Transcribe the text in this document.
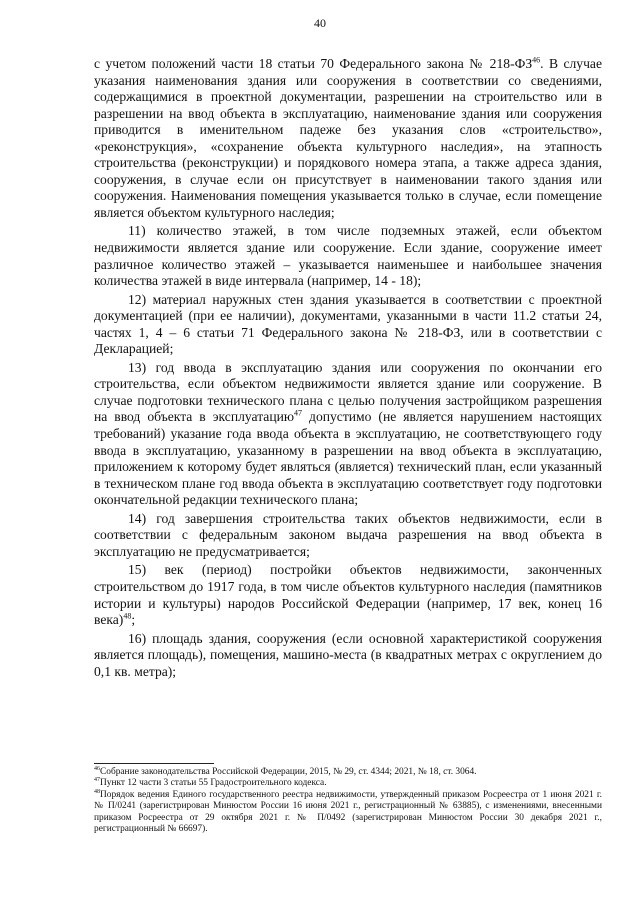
40

с учетом положений части 18 статьи 70 Федерального закона № 218-ФЗ$^{46}$. В случае указания наименования здания или сооружения в соответствии со сведениями, содержащимися в проектной документации, разрешении на строительство или в разрешении на ввод объекта в эксплуатацию, наименование здания или сооружения приводится в именительном падеже без указания слов «строительство», «реконструкция», «сохранение объекта культурного наследия», на этапность строительства (реконструкции) и порядкового номера этапа, а также адреса здания, сооружения, в случае если он присутствует в наименовании такого здания или сооружения. Наименования помещения указывается только в случае, если помещение является объектом культурного наследия;

11) количество этажей, в том числе подземных этажей, если объектом недвижимости является здание или сооружение. Если здание, сооружение имеет различное количество этажей – указывается наименьшее и наибольшее значения количества этажей в виде интервала (например, 14 - 18);

12) материал наружных стен здания указывается в соответствии с проектной документацией (при ее наличии), документами, указанными в части 11.2 статьи 24, частях 1, 4 – 6 статьи 71 Федерального закона № 218-ФЗ, или в соответствии с Декларацией;

13) год ввода в эксплуатацию здания или сооружения по окончании его строительства, если объектом недвижимости является здание или сооружение. В случае подготовки технического плана с целью получения застройщиком разрешения на ввод объекта в эксплуатацию$^{47}$ допустимо (не является нарушением настоящих требований) указание года ввода объекта в эксплуатацию, не соответствующего году ввода в эксплуатацию, указанному в разрешении на ввод объекта в эксплуатацию, приложением к которому будет являться (является) технический план, если указанный в техническом плане год ввода объекта в эксплуатацию соответствует году подготовки окончательной редакции технического плана;

14) год завершения строительства таких объектов недвижимости, если в соответствии с федеральным законом выдача разрешения на ввод объекта в эксплуатацию не предусматривается;

15) век (период) постройки объектов недвижимости, законченных строительством до 1917 года, в том числе объектов культурного наследия (памятников истории и культуры) народов Российской Федерации (например, 17 век, конец 16 века)$^{48}$;

16) площадь здания, сооружения (если основной характеристикой сооружения является площадь), помещения, машино-места (в квадратных метрах с округлением до 0,1 кв. метра);

$^{46}$Собрание законодательства Российской Федерации, 2015, № 29, ст. 4344; 2021, № 18, ст. 3064.

$^{47}$Пункт 12 части 3 статьи 55 Градостроительного кодекса.

$^{48}$Порядок ведения Единого государственного реестра недвижимости, утвержденный приказом Росреестра от 1 июня 2021 г. № П/0241 (зарегистрирован Минюстом России 16 июня 2021 г., регистрационный № 63885), с изменениями, внесенными приказом Росреестра от 29 октября 2021 г. № П/0492 (зарегистрирован Минюстом России 30 декабря 2021 г., регистрационный № 66697).
